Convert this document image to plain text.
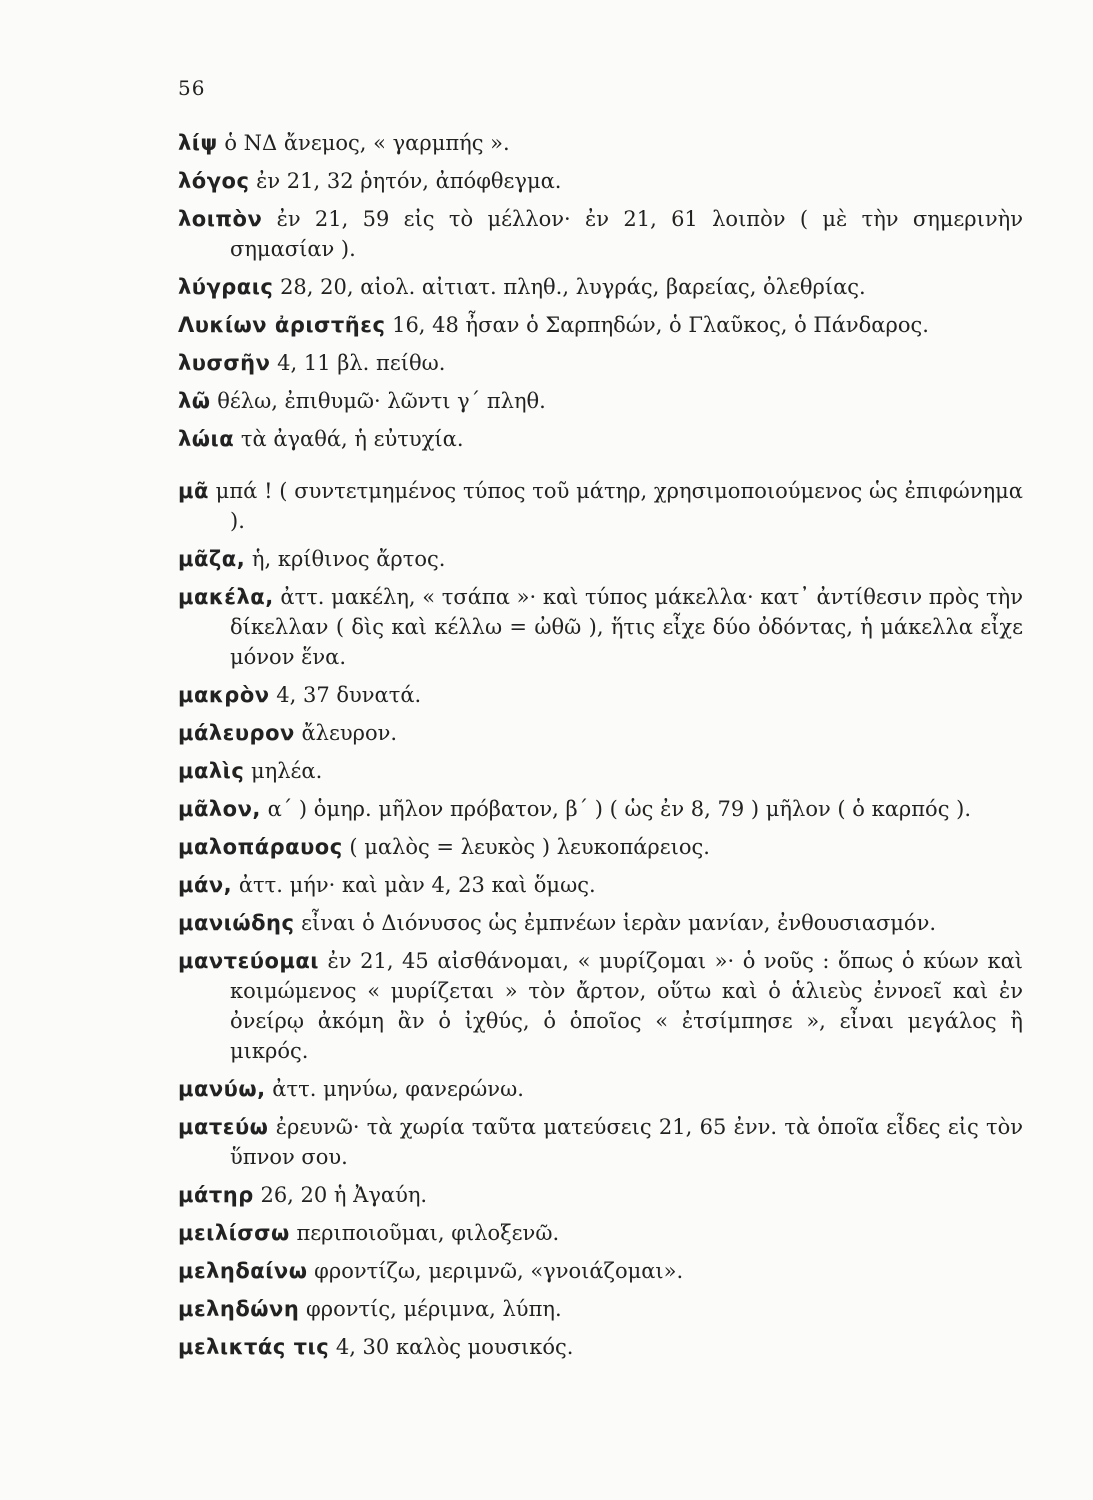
56
λίψ ὁ ΝΔ ἄνεμος, « γαρμπής ».
λόγος ἐν 21, 32 ῥητόν, ἀπόφθεγμα.
λοιπὸν ἐν 21, 59 εἰς τὸ μέλλον· ἐν 21, 61 λοιπὸν ( μὲ τὴν σημερινὴν σημασίαν ).
λύγραις 28, 20, αἰολ. αἰτιατ. πληθ., λυγράς, βαρείας, ὀλεθρίας.
Λυκίων ἀριστῆες 16, 48 ἦσαν ὁ Σαρπηδών, ὁ Γλαῦκος, ὁ Πάνδαρος.
λυσσῆν 4, 11 βλ. πείθω.
λῶ θέλω, ἐπιθυμῶ· λῶντι γ΄ πληθ.
λώια τὰ ἀγαθά, ἡ εὐτυχία.
μᾶ μπά ! ( συντετμημένος τύπος τοῦ μάτηρ, χρησιμοποιούμενος ὡς ἐπιφώνημα ).
μᾶζα, ἡ, κρίθινος ἄρτος.
μακέλα, ἀττ. μακέλη, « τσάπα »· καὶ τύπος μάκελλα· κατ᾽ ἀντίθεσιν πρὸς τὴν δίκελλαν ( δὶς καὶ κέλλω = ὠθῶ ), ἥτις εἶχε δύο ὀδόντας, ἡ μάκελλα εἶχε μόνον ἕνα.
μακρὸν 4, 37 δυνατά.
μάλευρον ἄλευρον.
μαλὶς μηλέα.
μᾶλον, α΄ ) ὁμηρ. μῆλον πρόβατον, β΄ ) ( ὡς ἐν 8, 79 ) μῆλον ( ὁ καρπός ).
μαλοπάραυος ( μαλὸς = λευκὸς ) λευκοπάρειος.
μάν, ἀττ. μήν· καὶ μὰν 4, 23 καὶ ὅμως.
μανιώδης εἶναι ὁ Διόνυσος ὡς ἐμπνέων ἱερὰν μανίαν, ἐνθουσιασμόν.
μαντεύομαι ἐν 21, 45 αἰσθάνομαι, « μυρίζομαι »· ὁ νοῦς : ὅπως ὁ κύων καὶ κοιμώμενος « μυρίζεται » τὸν ἄρτον, οὕτω καὶ ὁ ἁλιεὺς ἐννοεῖ καὶ ἐν ὀνείρῳ ἀκόμη ἂν ὁ ἰχθύς, ὁ ὁποῖος « ἐτσίμπησε », εἶναι μεγάλος ἢ μικρός.
μανύω, ἀττ. μηνύω, φανερώνω.
ματεύω ἐρευνῶ· τὰ χωρία ταῦτα ματεύσεις 21, 65 ἐνν. τὰ ὁποῖα εἶδες εἰς τὸν ὕπνον σου.
μάτηρ 26, 20 ἡ Ἀγαύη.
μειλίσσω περιποιοῦμαι, φιλοξενῶ.
μεληδαίνω φροντίζω, μεριμνῶ, «γνοιάζομαι».
μεληδώνη φροντίς, μέριμνα, λύπη.
μελικτάς τις 4, 30 καλὸς μουσικός.
